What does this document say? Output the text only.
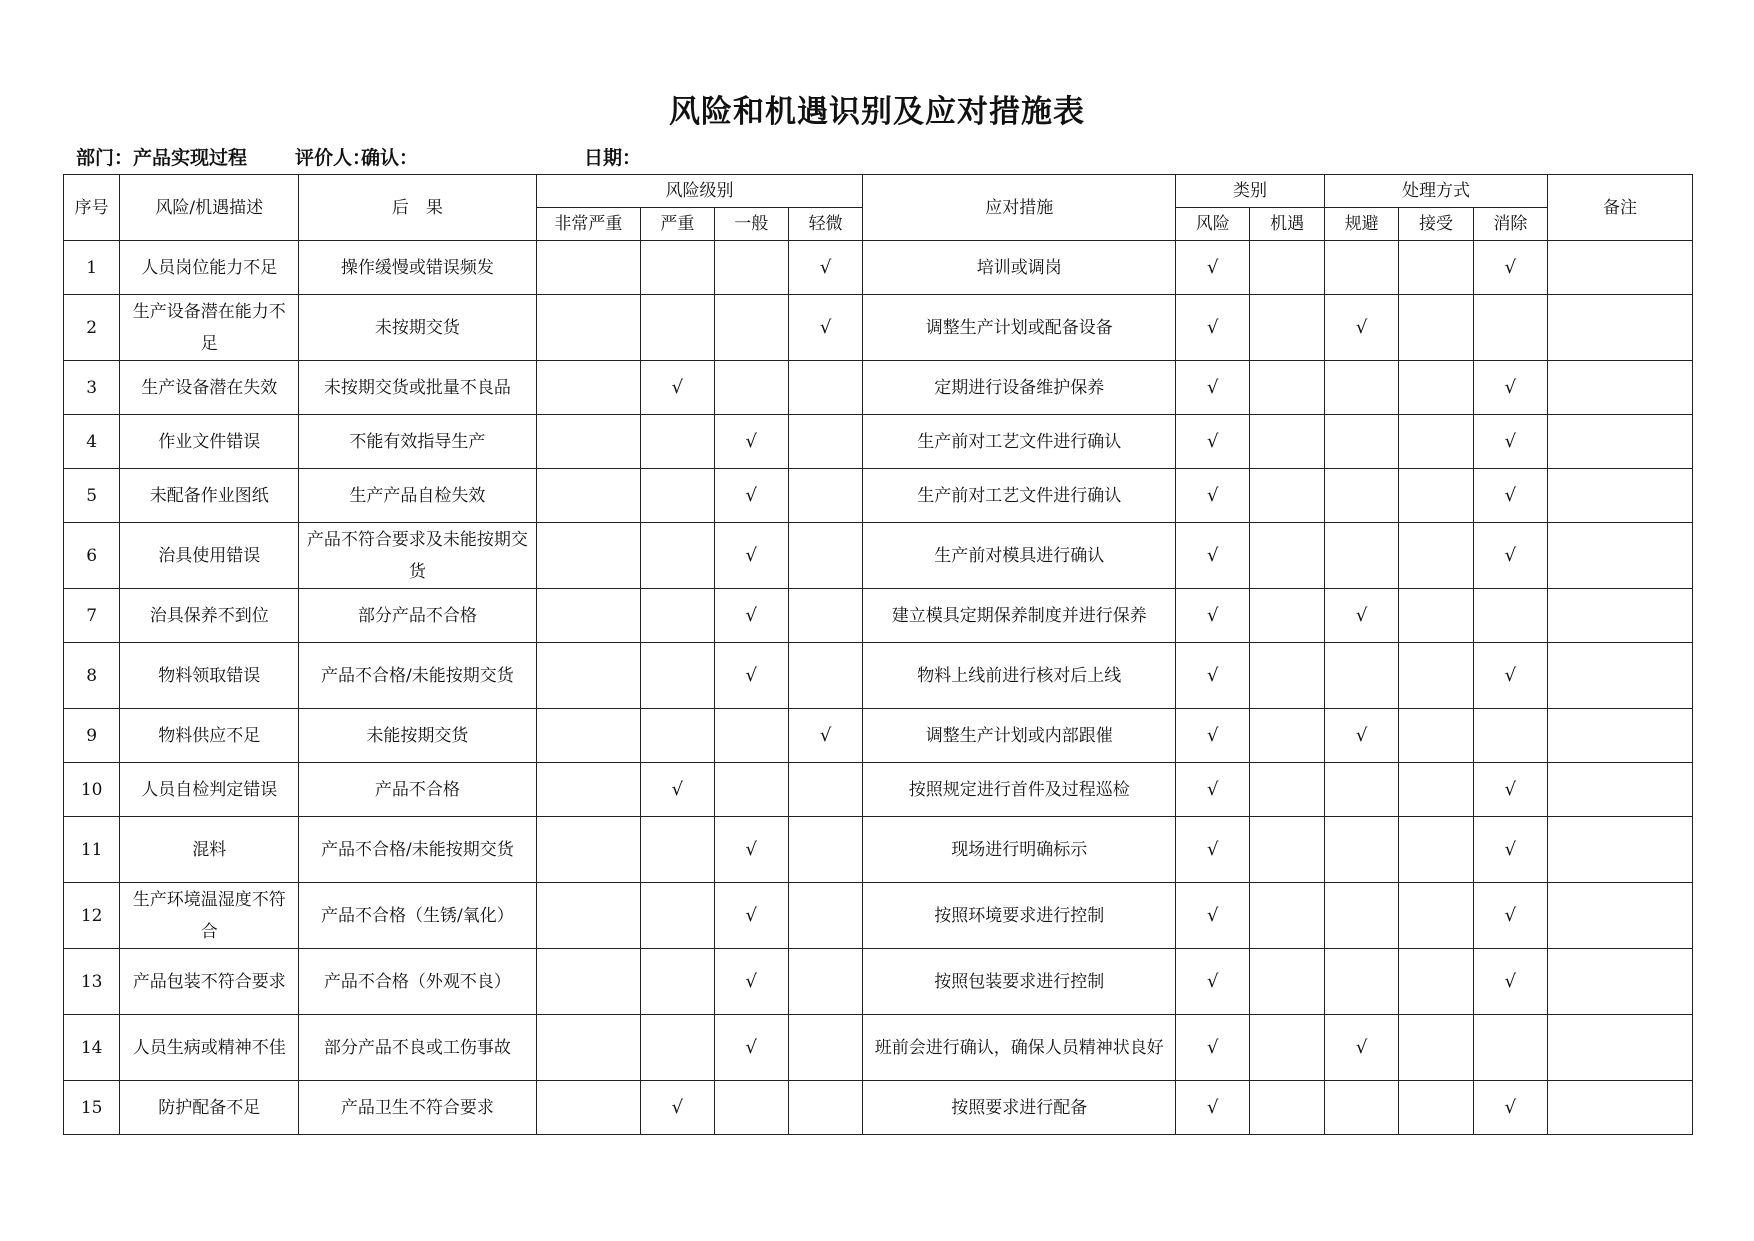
风险和机遇识别及应对措施表
部门：产品实现过程	评价人：
确认：	日期：
序号	风险/机遇描述	后　果	风险级别				应对措施	类别		处理方式			备注
			非常严重	严重	一般	轻微		风险	机遇	规避	接受	消除	
1	人员岗位能力不足	操作缓慢或错误频发				√	培训或调岗	√				√	
2	生产设备潜在能力不足	未按期交货				√	调整生产计划或配备设备	√		√			
3	生产设备潜在失效	未按期交货或批量不良品		√			定期进行设备维护保养	√				√	
4	作业文件错误	不能有效指导生产			√		生产前对工艺文件进行确认	√				√	
5	未配备作业图纸	生产产品自检失效			√		生产前对工艺文件进行确认	√				√	
6	治具使用错误	产品不符合要求及未能按期交货			√		生产前对模具进行确认	√				√	
7	治具保养不到位	部分产品不合格			√		建立模具定期保养制度并进行保养	√		√			
8	物料领取错误	产品不合格/未能按期交货			√		物料上线前进行核对后上线	√				√	
9	物料供应不足	未能按期交货				√	调整生产计划或内部跟催	√		√			
10	人员自检判定错误	产品不合格		√			按照规定进行首件及过程巡检	√				√	
11	混料	产品不合格/未能按期交货			√		现场进行明确标示	√				√	
12	生产环境温湿度不符合	产品不合格（生锈/氧化）			√		按照环境要求进行控制	√				√	
13	产品包装不符合要求	产品不合格（外观不良）			√		按照包装要求进行控制	√				√	
14	人员生病或精神不佳	部分产品不良或工伤事故			√		班前会进行确认，确保人员精神状良好	√		√			
15	防护配备不足	产品卫生不符合要求		√			按照要求进行配备	√				√	
